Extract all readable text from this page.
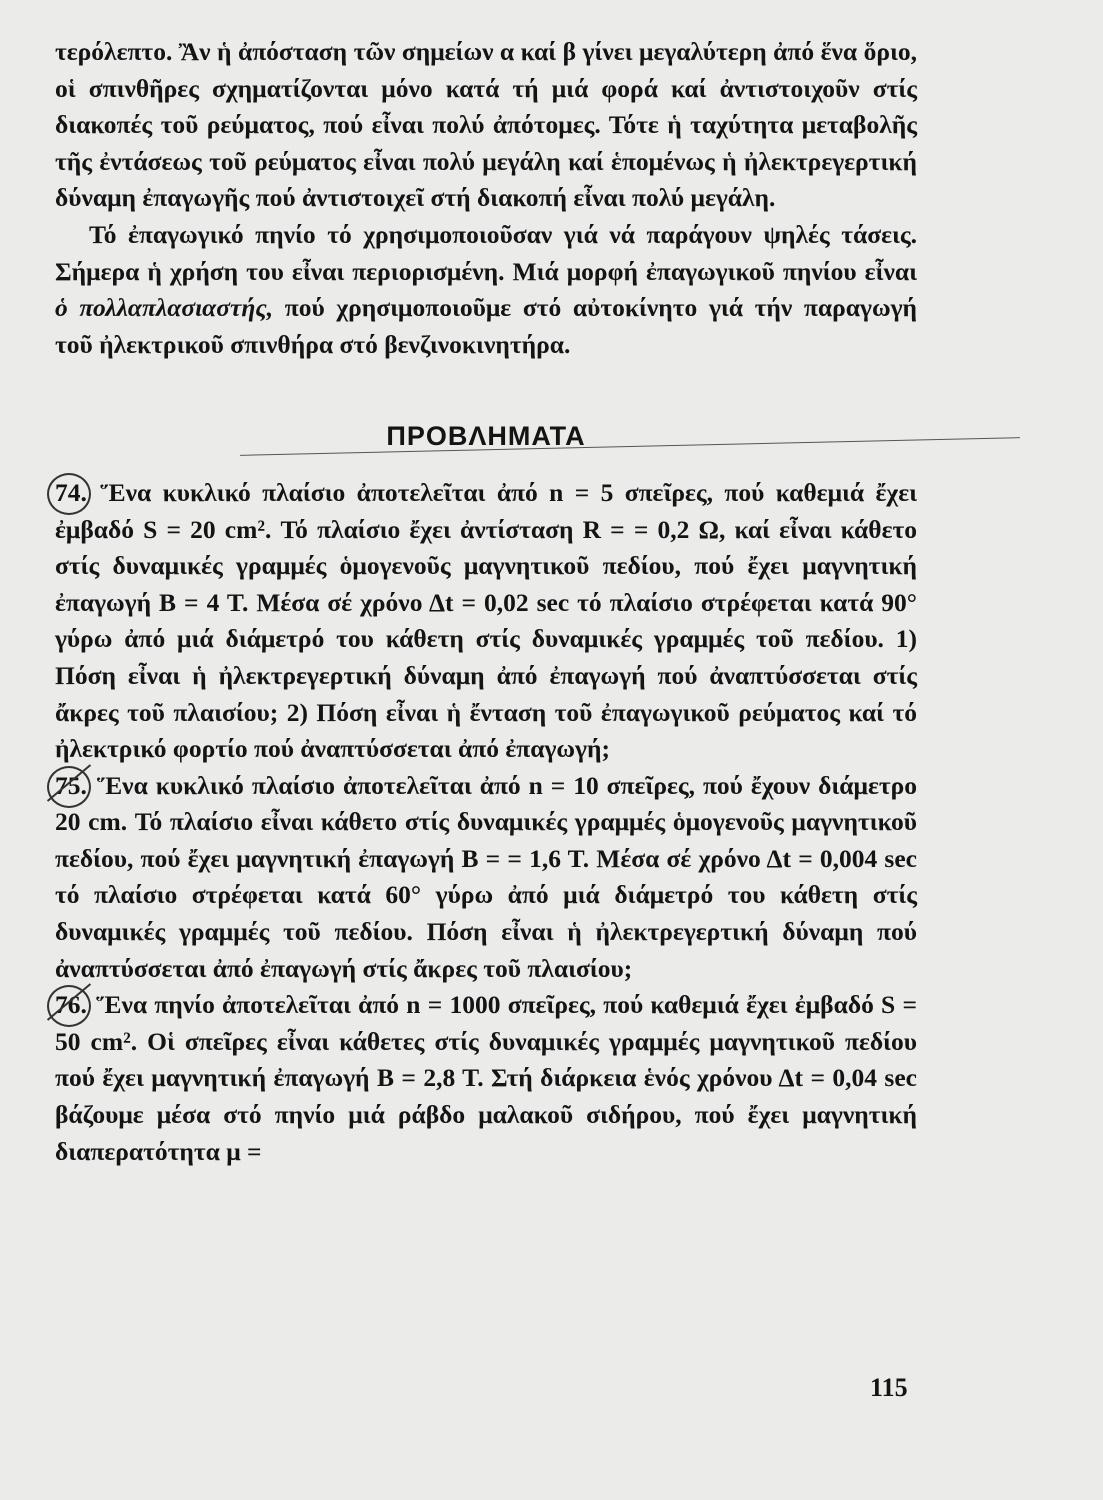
τερόλεπτο. Ἂν ἡ ἀπόσταση τῶν σημείων α καί β γίνει μεγαλύτερη ἀπό ἕνα ὅριο, οἱ σπινθῆρες σχηματίζονται μόνο κατά τή μιά φορά καί ἀντιστοιχοῦν στίς διακοπές τοῦ ρεύματος, πού εἶναι πολύ ἀπότομες. Τότε ἡ ταχύτητα μεταβολῆς τῆς ἐντάσεως τοῦ ρεύματος εἶναι πολύ μεγάλη καί ἑπομένως ἡ ἠλεκτρεγερτική δύναμη ἐπαγωγῆς πού ἀντιστοιχεῖ στή διακοπή εἶναι πολύ μεγάλη.

Τό ἐπαγωγικό πηνίο τό χρησιμοποιοῦσαν γιά νά παράγουν ψηλές τάσεις. Σήμερα ἡ χρήση του εἶναι περιορισμένη. Μιά μορφή ἐπαγωγικοῦ πηνίου εἶναι ὁ πολλαπλασιαστής, πού χρησιμοποιοῦμε στό αὐτοκίνητο γιά τήν παραγωγή τοῦ ἠλεκτρικοῦ σπινθήρα στό βενζινοκινητήρα.

ΠΡΟΒΛΗΜΑΤΑ

74. Ἕνα κυκλικό πλαίσιο ἀποτελεῖται ἀπό n = 5 σπεῖρες, πού καθεμιά ἔχει ἐμβαδό S = 20 cm². Τό πλαίσιο ἔχει ἀντίσταση R = = 0,2 Ω, καί εἶναι κάθετο στίς δυναμικές γραμμές ὁμογενοῦς μαγνητικοῦ πεδίου, πού ἔχει μαγνητική ἐπαγωγή B = 4 T. Μέσα σέ χρόνο Δt = 0,02 sec τό πλαίσιο στρέφεται κατά 90° γύρω ἀπό μιά διάμετρό του κάθετη στίς δυναμικές γραμμές τοῦ πεδίου. 1) Πόση εἶναι ἡ ἠλεκτρεγερτική δύναμη ἀπό ἐπαγωγή πού ἀναπτύσσεται στίς ἄκρες τοῦ πλαισίου; 2) Πόση εἶναι ἡ ἔνταση τοῦ ἐπαγωγικοῦ ρεύματος καί τό ἠλεκτρικό φορτίο πού ἀναπτύσσεται ἀπό ἐπαγωγή;

75. Ἕνα κυκλικό πλαίσιο ἀποτελεῖται ἀπό n = 10 σπεῖρες, πού ἔχουν διάμετρο 20 cm. Τό πλαίσιο εἶναι κάθετο στίς δυναμικές γραμμές ὁμογενοῦς μαγνητικοῦ πεδίου, πού ἔχει μαγνητική ἐπαγωγή B = = 1,6 T. Μέσα σέ χρόνο Δt = 0,004 sec τό πλαίσιο στρέφεται κατά 60° γύρω ἀπό μιά διάμετρό του κάθετη στίς δυναμικές γραμμές τοῦ πεδίου. Πόση εἶναι ἡ ἠλεκτρεγερτική δύναμη πού ἀναπτύσσεται ἀπό ἐπαγωγή στίς ἄκρες τοῦ πλαισίου;

76. Ἕνα πηνίο ἀποτελεῖται ἀπό n = 1000 σπεῖρες, πού καθεμιά ἔχει ἐμβαδό S = 50 cm². Οἱ σπεῖρες εἶναι κάθετες στίς δυναμικές γραμμές μαγνητικοῦ πεδίου πού ἔχει μαγνητική ἐπαγωγή B = 2,8 T. Στή διάρκεια ἑνός χρόνου Δt = 0,04 sec βάζουμε μέσα στό πηνίο μιά ράβδο μαλακοῦ σιδήρου, πού ἔχει μαγνητική διαπερατότητα μ =

115
